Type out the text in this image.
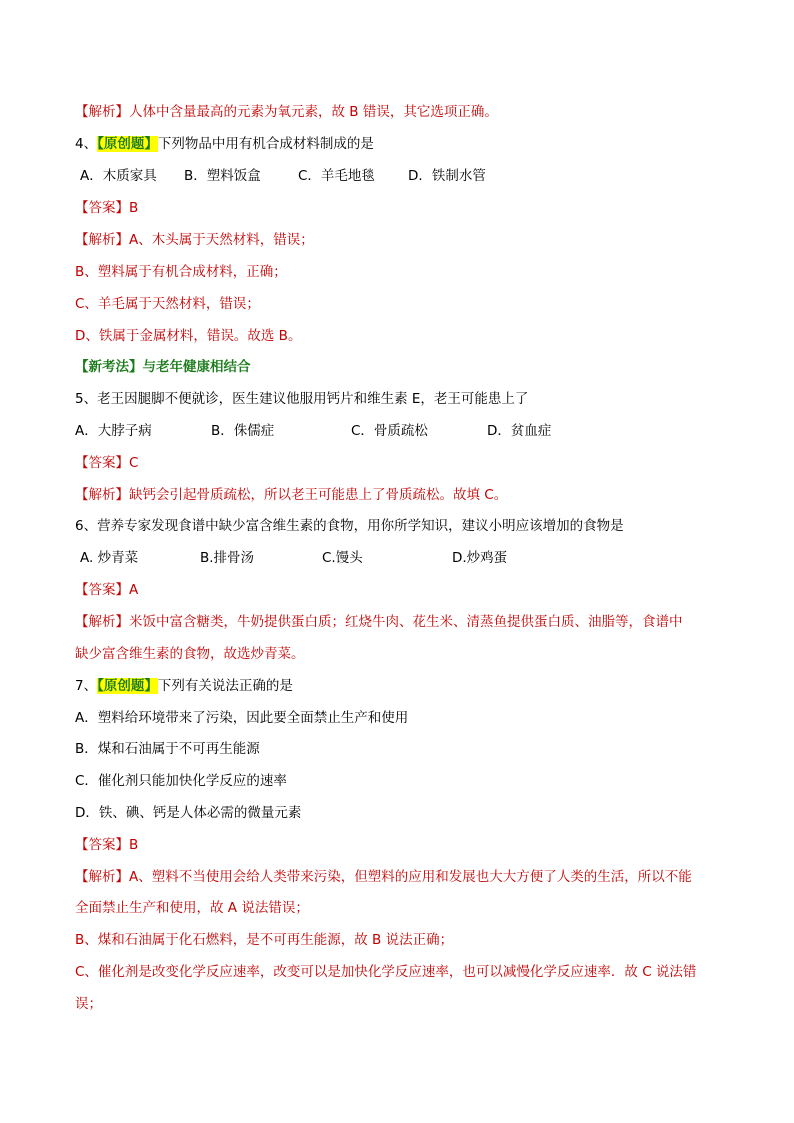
【解析】人体中含量最高的元素为氧元素，故 B 错误，其它选项正确。
4、【原创题】下列物品中用有机合成材料制成的是
A．木质家具 B．塑料饭盒	C．羊毛地毯 D．铁制水管
【答案】B
【解析】A、木头属于天然材料，错误；
B、塑料属于有机合成材料，正确；
C、羊毛属于天然材料，错误；
D、铁属于金属材料，错误。故选 B。
【新考法】与老年健康相结合
5、老王因腿脚不便就诊，医生建议他服用钙片和维生素 E，老王可能患上了
A．大脖子病	B．侏儒症	C．骨质疏松	D．贫血症
【答案】C
【解析】缺钙会引起骨质疏松，所以老王可能患上了骨质疏松。故填 C。
6、营养专家发现食谱中缺少富含维生素的食物，用你所学知识，建议小明应该增加的食物是
A. 炒青菜	B.排骨汤	C.馒头	D.炒鸡蛋
【答案】A
【解析】米饭中富含糖类，牛奶提供蛋白质；红烧牛肉、花生米、清蒸鱼提供蛋白质、油脂等，食谱中
缺少富含维生素的食物，故选炒青菜。
7、【原创题】下列有关说法正确的是
A．塑料给环境带来了污染，因此要全面禁止生产和使用
B．煤和石油属于不可再生能源
C．催化剂只能加快化学反应的速率
D．铁、碘、钙是人体必需的微量元素
【答案】B
【解析】A、塑料不当使用会给人类带来污染，但塑料的应用和发展也大大方便了人类的生活，所以不能
全面禁止生产和使用，故 A 说法错误；
B、煤和石油属于化石燃料，是不可再生能源，故 B 说法正确；
C、催化剂是改变化学反应速率，改变可以是加快化学反应速率，也可以减慢化学反应速率．故 C 说法错
误；
